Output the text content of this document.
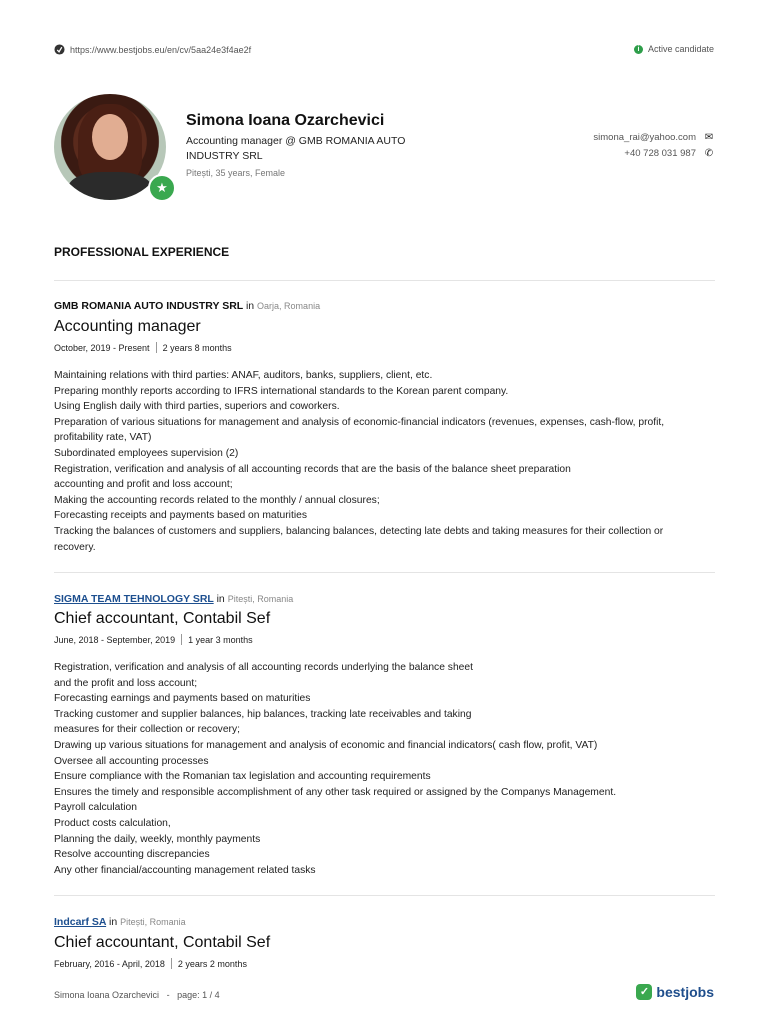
https://www.bestjobs.eu/en/cv/5aa24e3f4ae2f	i Active candidate
★
Simona Ioana Ozarchevici
Accounting manager @ GMB ROMANIA AUTO INDUSTRY SRL
Pitești, 35 years, Female
simona_rai@yahoo.com ✉
+40 728 031 987 ✆
PROFESSIONAL EXPERIENCE
GMB ROMANIA AUTO INDUSTRY SRL in Oarja, Romania
Accounting manager
October, 2019 - Present 2 years 8 months
Maintaining relations with third parties: ANAF, auditors, banks, suppliers, client, etc.
Preparing monthly reports according to IFRS international standards to the Korean parent company.
Using English daily with third parties, superiors and coworkers.
Preparation of various situations for management and analysis of economic-financial indicators (revenues, expenses, cash-flow, profit,
profitability rate, VAT)
Subordinated employees supervision (2)
Registration, verification and analysis of all accounting records that are the basis of the balance sheet preparation
accounting and profit and loss account;
Making the accounting records related to the monthly / annual closures;
Forecasting receipts and payments based on maturities
Tracking the balances of customers and suppliers, balancing balances, detecting late debts and taking measures for their collection or
recovery.
SIGMA TEAM TEHNOLOGY SRL in Pitești, Romania
Chief accountant, Contabil Sef
June, 2018 - September, 2019 1 year 3 months
Registration, verification and analysis of all accounting records underlying the balance sheet
and the profit and loss account;
Forecasting earnings and payments based on maturities
Tracking customer and supplier balances, hip balances, tracking late receivables and taking
measures for their collection or recovery;
Drawing up various situations for management and analysis of economic and financial indicators( cash flow, profit, VAT)
Oversee all accounting processes
Ensure compliance with the Romanian tax legislation and accounting requirements
Ensures the timely and responsible accomplishment of any other task required or assigned by the Companys Management.
Payroll calculation
Product costs calculation,
Planning the daily, weekly, monthly payments
Resolve accounting discrepancies
Any other financial/accounting management related tasks
Indcarf SA in Pitești, Romania
Chief accountant, Contabil Sef
February, 2016 - April, 2018 2 years 2 months
Simona Ioana Ozarchevici - page: 1 / 4	✓ bestjobs
